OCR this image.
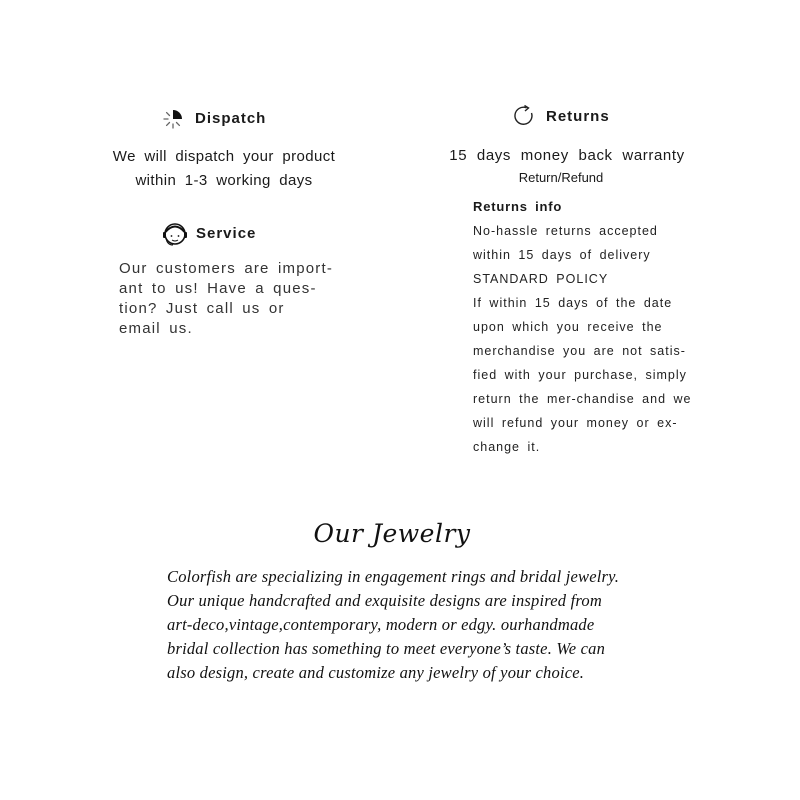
Dispatch
We will dispatch your product
within 1-3 working days
Service
Our customers are import-
ant to us! Have a ques-
tion? Just call us or
email us.
Returns
15 days money back warranty
Return/Refund
Returns info
No-hassle returns accepted
within 15 days of delivery
STANDARD POLICY
If within 15 days of the date
upon which you receive the
merchandise you are not satis-
fied with your purchase, simply
return the mer-chandise and we
will refund your money or ex-
change it.
Our Jewelry
Colorfish are specializing in engagement rings and bridal jewelry.
Our unique handcrafted and exquisite designs are inspired from
art-deco,vintage,contemporary, modern or edgy. ourhandmade
bridal collection has something to meet everyone’s taste. We can
also design, create and customize any jewelry of your choice.
